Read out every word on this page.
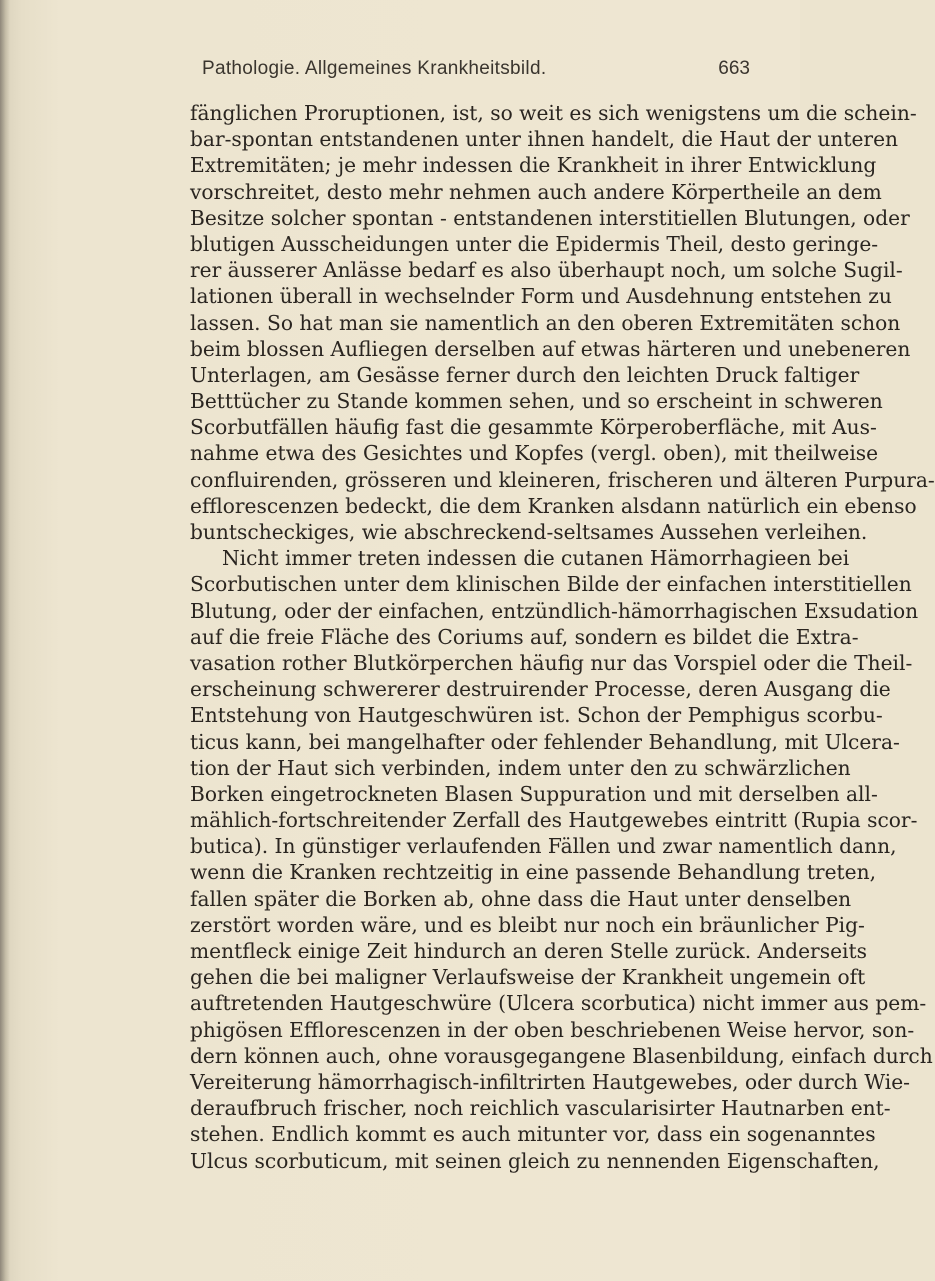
Pathologie. Allgemeines Krankheitsbild.	663
fänglichen Proruptionen, ist, so weit es sich wenigstens um die schein-
bar-spontan entstandenen unter ihnen handelt, die Haut der unteren
Extremitäten; je mehr indessen die Krankheit in ihrer Entwicklung
vorschreitet, desto mehr nehmen auch andere Körpertheile an dem
Besitze solcher spontan - entstandenen interstitiellen Blutungen, oder
blutigen Ausscheidungen unter die Epidermis Theil, desto geringe-
rer äusserer Anlässe bedarf es also überhaupt noch, um solche Sugil-
lationen überall in wechselnder Form und Ausdehnung entstehen zu
lassen. So hat man sie namentlich an den oberen Extremitäten schon
beim blossen Aufliegen derselben auf etwas härteren und unebeneren
Unterlagen, am Gesässe ferner durch den leichten Druck faltiger
Betttücher zu Stande kommen sehen, und so erscheint in schweren
Scorbutfällen häufig fast die gesammte Körperoberfläche, mit Aus-
nahme etwa des Gesichtes und Kopfes (vergl. oben), mit theilweise
confluirenden, grösseren und kleineren, frischeren und älteren Purpura-
efflorescenzen bedeckt, die dem Kranken alsdann natürlich ein ebenso
buntscheckiges, wie abschreckend-seltsames Aussehen verleihen.
Nicht immer treten indessen die cutanen Hämorrhagieen bei
Scorbutischen unter dem klinischen Bilde der einfachen interstitiellen
Blutung, oder der einfachen, entzündlich-hämorrhagischen Exsudation
auf die freie Fläche des Coriums auf, sondern es bildet die Extra-
vasation rother Blutkörperchen häufig nur das Vorspiel oder die Theil-
erscheinung schwererer destruirender Processe, deren Ausgang die
Entstehung von Hautgeschwüren ist. Schon der Pemphigus scorbu-
ticus kann, bei mangelhafter oder fehlender Behandlung, mit Ulcera-
tion der Haut sich verbinden, indem unter den zu schwärzlichen
Borken eingetrockneten Blasen Suppuration und mit derselben all-
mählich-fortschreitender Zerfall des Hautgewebes eintritt (Rupia scor-
butica). In günstiger verlaufenden Fällen und zwar namentlich dann,
wenn die Kranken rechtzeitig in eine passende Behandlung treten,
fallen später die Borken ab, ohne dass die Haut unter denselben
zerstört worden wäre, und es bleibt nur noch ein bräunlicher Pig-
mentfleck einige Zeit hindurch an deren Stelle zurück. Anderseits
gehen die bei maligner Verlaufsweise der Krankheit ungemein oft
auftretenden Hautgeschwüre (Ulcera scorbutica) nicht immer aus pem-
phigösen Efflorescenzen in der oben beschriebenen Weise hervor, son-
dern können auch, ohne vorausgegangene Blasenbildung, einfach durch
Vereiterung hämorrhagisch-infiltrirten Hautgewebes, oder durch Wie-
deraufbruch frischer, noch reichlich vascularisirter Hautnarben ent-
stehen. Endlich kommt es auch mitunter vor, dass ein sogenanntes
Ulcus scorbuticum, mit seinen gleich zu nennenden Eigenschaften,
